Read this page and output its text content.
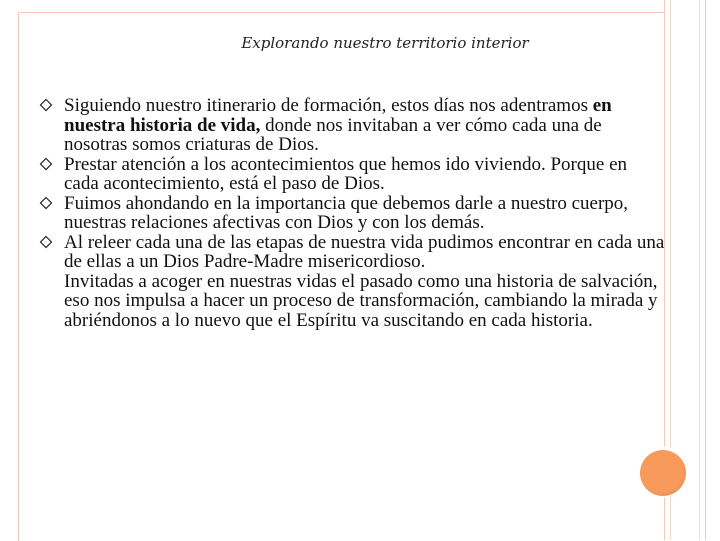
Explorando nuestro territorio interior

Siguiendo nuestro itinerario de formación, estos días nos adentramos en nuestra historia de vida, donde nos invitaban a ver cómo cada una de nosotras somos criaturas de Dios.

Prestar atención a los acontecimientos que hemos ido viviendo. Porque en cada acontecimiento, está el paso de Dios.

Fuimos ahondando en la importancia que debemos darle a nuestro cuerpo, nuestras relaciones afectivas con Dios y con los demás.

Al releer cada una de las etapas de nuestra vida pudimos encontrar en cada una de ellas a un Dios Padre-Madre misericordioso.

Invitadas a acoger en nuestras vidas el pasado como una historia de salvación, eso nos impulsa a hacer un proceso de transformación, cambiando la mirada y abriéndonos a lo nuevo que el Espíritu va suscitando en cada historia.
